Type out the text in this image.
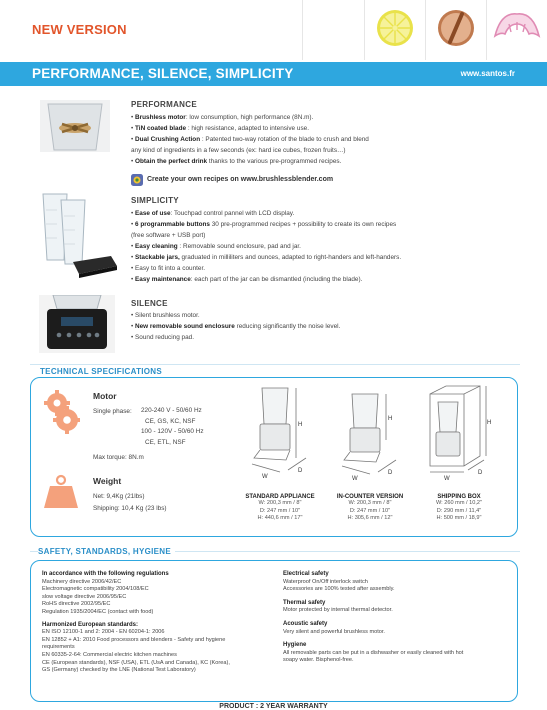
NEW VERSION
PERFORMANCE, SILENCE, SIMPLICITY	www.santos.fr
PERFORMANCE
• Brushless motor: low consumption, high performance (8N.m).
• TiN coated blade : high resistance, adapted to intensive use.
• Dual Crushing Action : Patented two-way rotation of the blade to crush and blend
any kind of ingredients in a few seconds (ex: hard ice cubes, frozen fruits…)
• Obtain the perfect drink thanks to the various pre-programmed recipes.
Create your own recipes on www.brushlessblender.com
SIMPLICITY
• Ease of use: Touchpad control pannel with LCD display.
• 6 programmable buttons 30 pre-programmed recipes + possibility to create its own recipes
(free software + USB port)
• Easy cleaning : Removable sound enclosure, pad and jar.
• Stackable jars, graduated in milliliters and ounces, adapted to right-handers and left-handers.
• Easy to fit into a counter.
• Easy maintenance: each part of the jar can be dismantled (including the blade).
SILENCE
• Silent brushless motor.
• New removable sound enclosure reducing significantly the noise level.
• Sound reducing pad.
TECHNICAL SPECIFICATIONS
Motor
Single phase: 220-240 V - 50/60 Hz
CE, GS, KC, NSF
100 - 120V - 50/60 Hz
CE, ETL, NSF
Max torque: 8N.m
Weight
Net: 9,4Kg (21lbs)
Shipping: 10,4 Kg (23 lbs)
H
W
D
H
W
D
H
W
D
STANDARD APPLIANCE
W: 200,3 mm / 8"
D: 247 mm / 10"
H: 440,6 mm / 17"
IN-COUNTER VERSION
W: 200,3 mm / 8"
D: 247 mm / 10"
H: 305,6 mm / 12"
SHIPPING BOX
W: 260 mm / 10,2"
D: 290 mm / 11,4"
H: 500 mm / 18,9"
SAFETY, STANDARDS, HYGIENE
In accordance with the following regulations
Machinery directive 2006/42/EC
Electromagnetic compatibility 2004/108/EC
slow voltage directive 2006/95/EC
RoHS directive 2002/95/EC
Regulation 1935/2004/EC (contact with food)
Harmonized European standards:
EN ISO 12100-1 and 2: 2004 - EN 60204-1: 2006
EN 12852 + A1: 2010 Food processors and blenders - Safety and hygiene
requirements
EN 60335-2-64: Commercial electric kitchen machines
CE (European standards), NSF (USA), ETL (UsA and Canada), KC (Korea),
GS (Germany) checked by the LNE (National Test Laboratory)
Electrical safety
Waterproof On/Off interlock switch
Accessories are 100% tested after assembly.
Thermal safety
Motor protected by internal thermal detector.
Acoustic safety
Very silent and powerful brushless motor.
Hygiene
All removable parts can be put in a dishwasher or easily cleaned with hot
soapy water. Bisphenol-free.
PRODUCT : 2 YEAR WARRANTY
